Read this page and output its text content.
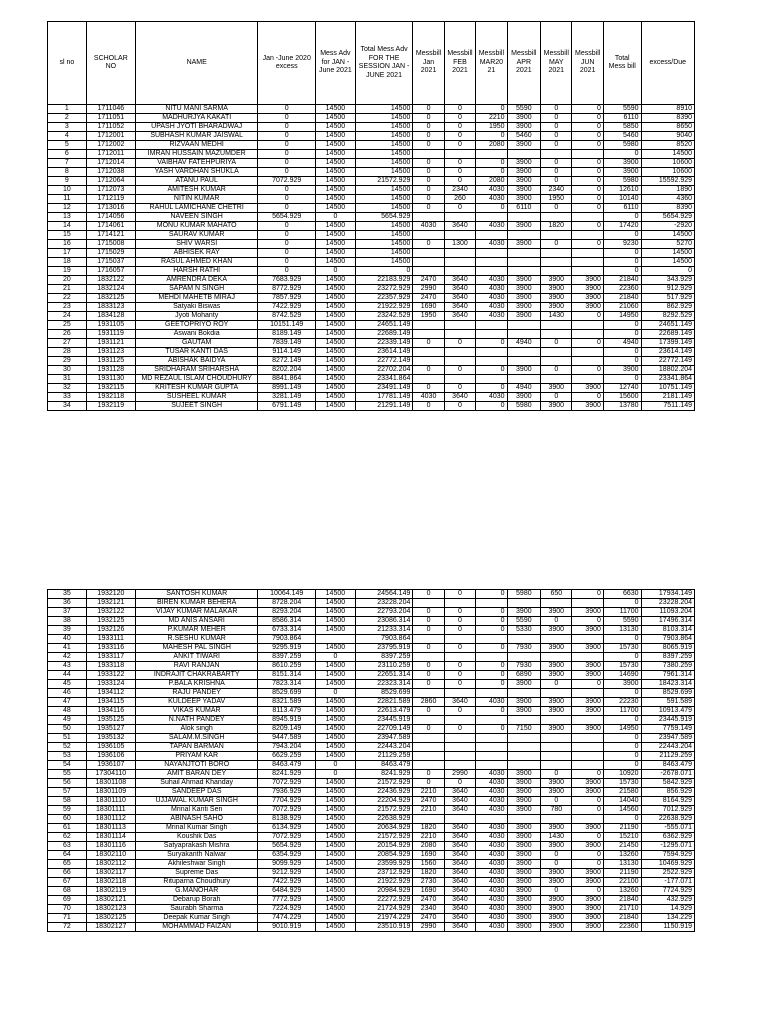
sl no	SCHOLAR NO	NAME	Jan -June 2020 excess	Mess Adv for JAN -June 2021	Total Mess Adv FOR THE SESSION JAN -JUNE 2021	Messbill Jan 2021	Messbill FEB 2021	Messbill MAR20 21	Messbill APR 2021	Messbill MAY 2021	Messbill JUN 2021	Total Mess bill	excess/Due
1	1711046	NITU MANI SARMA	0	14500	14500	0	0	0	5590	0	0	5590	8910
2	1711051	MADHURJYA KAKATI	0	14500	14500	0	0	2210	3900	0	0	6110	8390
3	1711052	UPASH JYOTI BHARADWAJ	0	14500	14500	0	0	1950	3900	0	0	5850	8650
4	1712001	SUBHASH KUMAR JAISWAL	0	14500	14500	0	0	0	5460	0	0	5460	9040
5	1712002	RIZVAAN MEDHI	0	14500	14500	0	0	2080	3900	0	0	5980	8520
6	1712011	IMRAN HUSSAIN MAZUMDER	0	14500	14500							0	14500
7	1712014	VAIBHAV FATEHPURIYA	0	14500	14500	0	0	0	3900	0	0	3900	10600
8	1712038	YASH VARDHAN SHUKLA	0	14500	14500	0	0	0	3900	0	0	3900	10600
9	1712064	ATANU PAUL	7072.929	14500	21572.929	0	0	2080	3900	0	0	5980	15592.929
10	1712073	AMITESH KUMAR	0	14500	14500	0	2340	4030	3900	2340	0	12610	1890
11	1712119	NITIN KUMAR	0	14500	14500	0	260	4030	3900	1950	0	10140	4360
12	1713016	RAHUL LAMICHANE CHETRI	0	14500	14500	0	0	0	6110	0	0	6110	8390
13	1714056	NAVEEN SINGH	5654.929	0	5654.929							0	5654.929
14	1714061	MONU KUMAR MAHATO	0	14500	14500	4030	3640	4030	3900	1820	0	17420	-2920
15	1714121	SAURAV KUMAR	0	14500	14500							0	14500
16	1715008	SHIV WARSI	0	14500	14500	0	1300	4030	3900	0	0	9230	5270
17	1715029	ABHISEK RAY	0	14500	14500							0	14500
18	1715037	RASUL AHMED KHAN	0	14500	14500							0	14500
19	1716057	HARSH RATHI	0	0	0							0	0
20	1832122	AMRENDRA DEKA	7683.929	14500	22183.929	2470	3640	4030	3900	3900	3900	21840	343.929
21	1832124	SAPAM N SINGH	8772.929	14500	23272.929	2990	3640	4030	3900	3900	3900	22360	912.929
22	1832125	MEHDI MAHETB MIRAJ	7857.929	14500	22357.929	2470	3640	4030	3900	3900	3900	21840	517.929
23	1833123	Satyaki Biswas	7422.929	14500	21922.929	1690	3640	4030	3900	3900	3900	21060	862.929
24	1834128	Jyoti Mohanty	8742.529	14500	23242.529	1950	3640	4030	3900	1430	0	14950	8292.529
25	1931105	GEETOPRIYO ROY	10151.149	14500	24651.149							0	24651.149
26	1931119	Aswani Bokdia	8189.149	14500	22689.149							0	22689.149
27	1931121	GAUTAM	7839.149	14500	22339.149	0	0	0	4940	0	0	4940	17399.149
28	1931123	TUSAR KANTI DAS	9114.149	14500	23614.149							0	23614.149
29	1931125	ABISHAK BAIDYA	8272.149	14500	22772.149							0	22772.149
30	1931128	SRIDHARAM SRIHARSHA	8202.204	14500	22702.204	0	0	0	3900	0	0	3900	18802.204
31	1931130	MD REZAUL ISLAM CHOUDHURY	8841.864	14500	23341.864							0	23341.864
32	1932115	KRITESH KUMAR GUPTA	8991.149	14500	23491.149	0	0	0	4940	3900	3900	12740	10751.149
33	1932118	SUSHEEL KUMAR	3281.149	14500	17781.149	4030	3640	4030	3900	0	0	15600	2181.149
34	1932119	SUJEET SINGH	6791.149	14500	21291.149	0	0	0	5980	3900	3900	13780	7511.149
35	1932120	SANTOSH KUMAR	10064.149	14500	24564.149	0	0	0	5980	650	0	6630	17934.149
36	1932121	BIREN KUMAR BEHERA	8728.204	14500	23228.204							0	23228.204
37	1932122	VIJAY KUMAR MALAKAR	8293.204	14500	22793.204	0	0	0	3900	3900	3900	11700	11093.204
38	1932125	MD ANIS ANSARI	8586.314	14500	23086.314	0	0	0	5590	0	0	5590	17496.314
39	1932126	P.KUMAR MEHER	6733.314	14500	21233.314	0	0	0	5330	3900	3900	13130	8103.314
40	1933111	R.SESHU KUMAR	7903.864		7903.864							0	7903.864
41	1933116	MAHESH PAL SINGH	9295.919	14500	23795.919	0	0	0	7930	3900	3900	15730	8065.919
42	1933117	ANKIT TIWARI	8397.259	0	8397.259							0	8397.259
43	1933118	RAVI RANJAN	8610.259	14500	23110.259	0	0	0	7930	3900	3900	15730	7380.259
44	1933122	INDRAJIT CHAKRABARTY	8151.314	14500	22651.314	0	0	0	6890	3900	3900	14690	7961.314
45	1933124	P.BALA KRISHNA	7823.314	14500	22323.314	0	0	0	3900	0	0	3900	18423.314
46	1934112	RAJU PANDEY	8529.699	0	8529.699							0	8529.699
47	1934115	KULDEEP YADAV	8321.589	14500	22821.589	2860	3640	4030	3900	3900	3900	22230	591.589
48	1934116	VIKAS KUMAR	8113.479	14500	22613.479	0	0	0	3900	3900	3900	11700	10913.479
49	1935125	N.NATH PANDEY	8945.919	14500	23445.919							0	23445.919
50	1935127	Alok singh	8209.149	14500	22709.149	0	0	0	7150	3900	3900	14950	7759.149
51	1935132	SALAM.M.SINGH	9447.589	14500	23947.589							0	23947.589
52	1936105	TAPAN BARMAN	7943.204	14500	22443.204							0	22443.204
53	1936106	PRIYAM KAR	6629.259	14500	21129.259							0	21129.259
54	1936107	NAYANJTOTI BORO	8463.479	0	8463.479							0	8463.479
55	17304110	AMIT BARAN DEY	8241.929	0	8241.929	0	2990	4030	3900	0	0	10920	-2678.071
56	18301108	Suhail Ahmad Khanday	7072.929	14500	21572.929	0	0	4030	3900	3900	3900	15730	5842.929
57	18301109	SANDEEP DAS	7936.929	14500	22436.929	2210	3640	4030	3900	3900	3900	21580	856.929
58	18301110	UJJAWAL KUMAR SINGH	7704.929	14500	22204.929	2470	3640	4030	3900	0	0	14040	8164.929
59	18301111	Mrinal Kanti Sen	7072.929	14500	21572.929	2210	3640	4030	3900	780	0	14560	7012.929
60	18301112	ABINASH SAHO	8138.929	14500	22638.929							0	22638.929
61	18301113	Mrinal Kumar Singh	6134.929	14500	20634.929	1820	3640	4030	3900	3900	3900	21190	-555.071
62	18301114	Koushik Das	7072.929	14500	21572.929	2210	3640	4030	3900	1430	0	15210	6362.929
63	18301116	Satyaprakash Mishra	5654.929	14500	20154.929	2080	3640	4030	3900	3900	3900	21450	-1295.071
64	18302110	Suryakanth Nalwar	6354.929	14500	20854.929	1690	3640	4030	3900	0	0	13260	7594.929
65	18302112	Akhileshwar Singh	9099.929	14500	23599.929	1560	3640	4030	3900	0	0	13130	10469.929
66	18302117	Supreme Das	9212.929	14500	23712.929	1820	3640	4030	3900	3900	3900	21190	2522.929
67	18302118	Rituparna Choudhury	7422.929	14500	21922.929	2730	3640	4030	3900	3900	3900	22100	-177.071
68	18302119	G.MANOHAR	6484.929	14500	20984.929	1690	3640	4030	3900	0	0	13260	7724.929
69	18302121	Debarup Borah	7772.929	14500	22272.929	2470	3640	4030	3900	3900	3900	21840	432.929
70	18302123	Saurabh Sharma	7224.929	14500	21724.929	2340	3640	4030	3900	3900	3900	21710	14.929
71	18302125	Deepak Kumar Singh	7474.229	14500	21974.229	2470	3640	4030	3900	3900	3900	21840	134.229
72	18302127	MOHAMMAD FAIZAN	9010.919	14500	23510.919	2990	3640	4030	3900	3900	3900	22360	1150.919
